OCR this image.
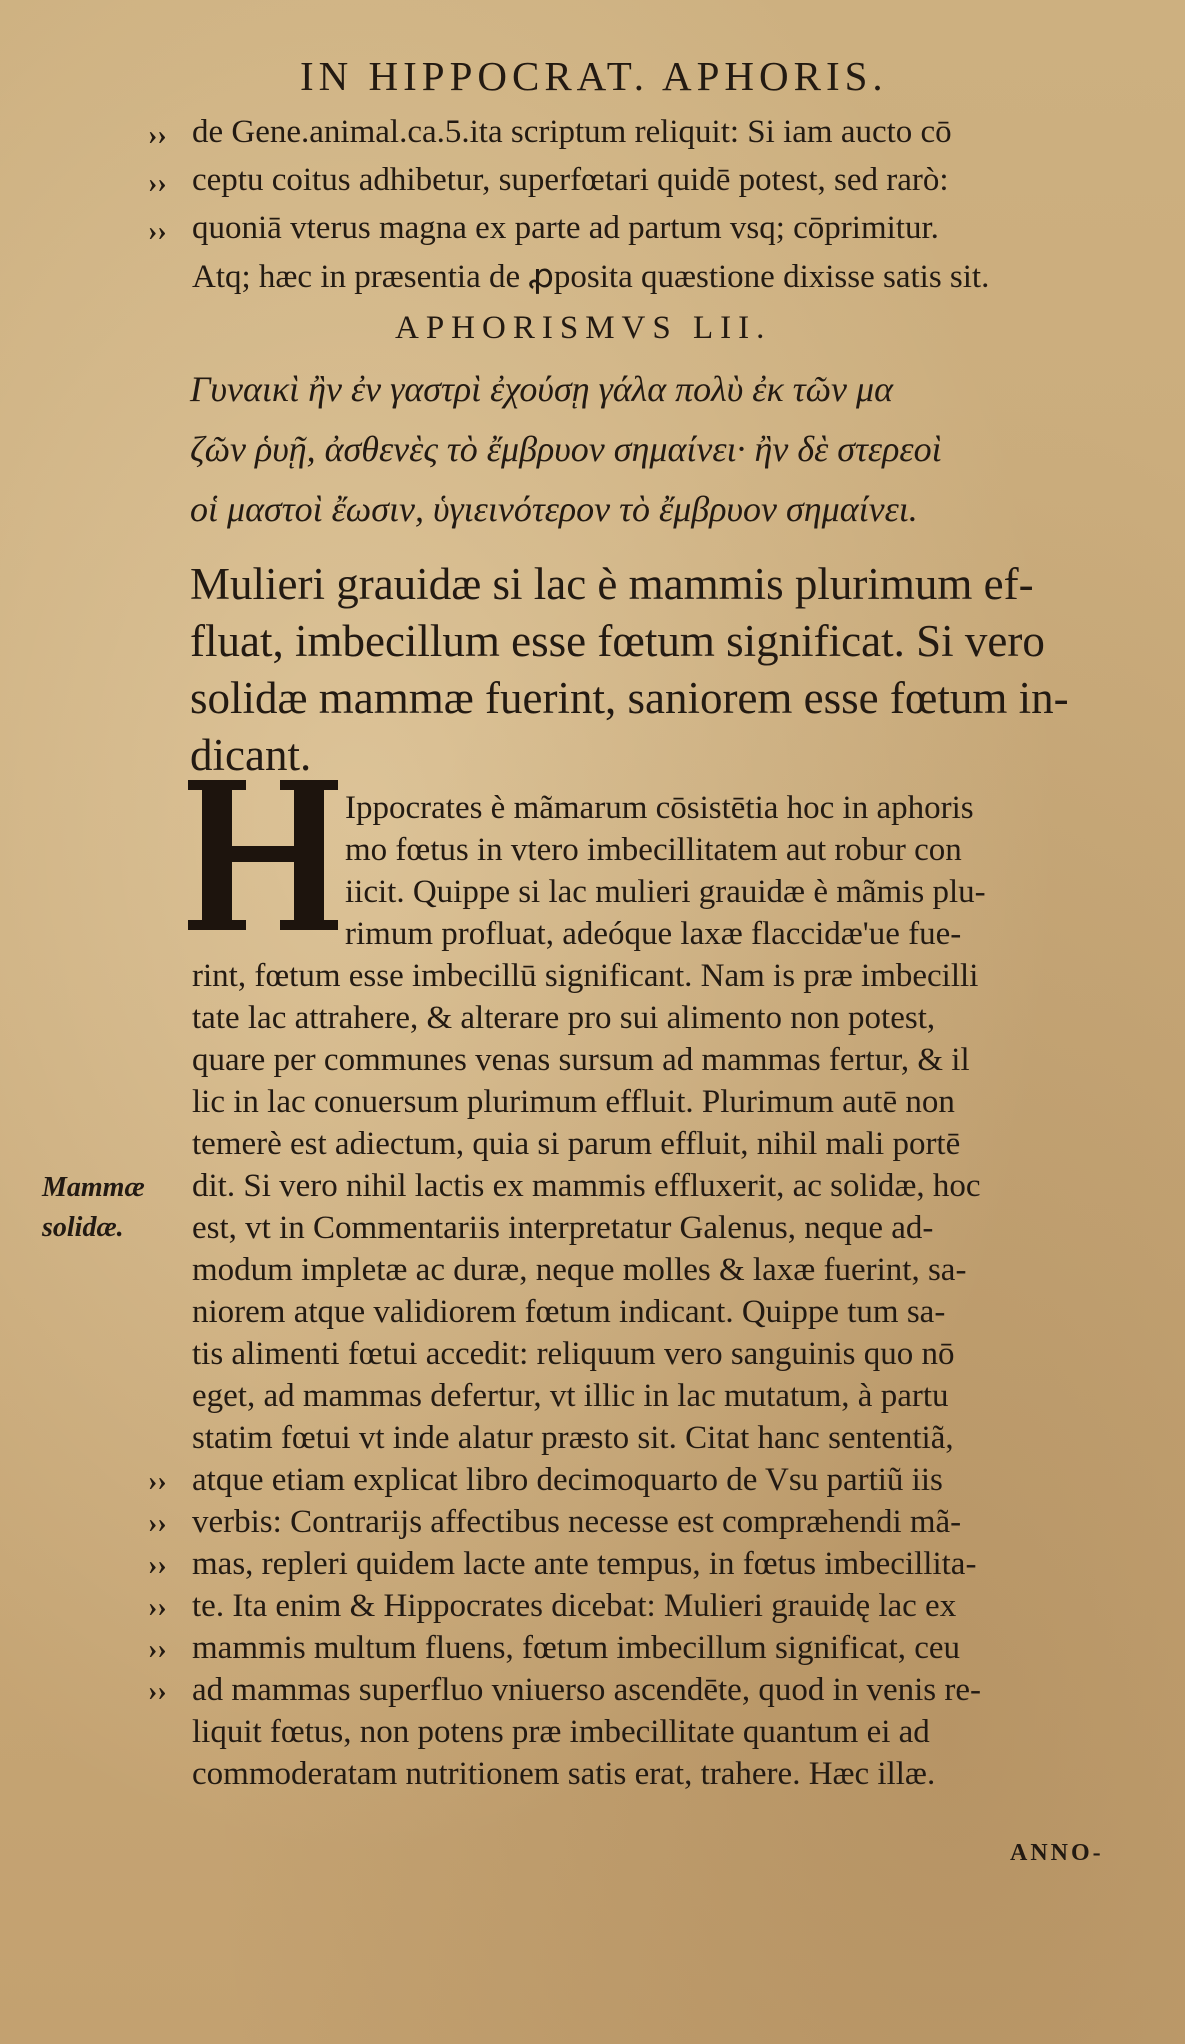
IN HIPPOCRAT. APHORIS.
›› de Gene.animal.ca.5.ita scriptum reliquit: Si iam aucto cō
›› ceptu coitus adhibetur, superfœtari quidē potest, sed rarò:
›› quoniā vterus magna ex parte ad partum vsq; cōprimitur.
Atq; hæc in præsentia de ꝓposita quæstione dixisse satis sit.
APHORISMVS LII.
Γυναικὶ ἢν ἐν γαστρὶ ἐχούσῃ γάλα πολὺ ἐκ τῶν μα
ζῶν ῥυῇ, ἀσθενὲς τὸ ἔμβρυον σημαίνει· ἢν δὲ στερεοὶ
οἱ μαστοὶ ἔωσιν, ὑγιεινότερον τὸ ἔμβρυον σημαίνει.
Mulieri grauidæ si lac è mammis plurimum ef-
fluat, imbecillum esse fœtum significat. Si vero
solidæ mammæ fuerint, saniorem esse fœtum in-
dicant.
Ippocrates è mãmarum cōsistētia hoc in aphoris
mo fœtus in vtero imbecillitatem aut robur con
iicit. Quippe si lac mulieri grauidæ è mãmis plu-
rimum profluat, adeóque laxæ flaccidæ'ue fue-
rint, fœtum esse imbecillū significant. Nam is præ imbecilli
tate lac attrahere, & alterare pro sui alimento non potest,
quare per communes venas sursum ad mammas fertur, & il
lic in lac conuersum plurimum effluit. Plurimum autē non
temerè est adiectum, quia si parum effluit, nihil mali portē
dit. Si vero nihil lactis ex mammis effluxerit, ac solidæ, hoc
est, vt in Commentariis interpretatur Galenus, neque ad-
modum impletæ ac duræ, neque molles & laxæ fuerint, sa-
niorem atque validiorem fœtum indicant. Quippe tum sa-
tis alimenti fœtui accedit: reliquum vero sanguinis quo nō
eget, ad mammas defertur, vt illic in lac mutatum, à partu
statim fœtui vt inde alatur præsto sit. Citat hanc sententiã,
›› atque etiam explicat libro decimoquarto de Vsu partiũ iis
›› verbis: Contrarijs affectibus necesse est compræhendi mã-
›› mas, repleri quidem lacte ante tempus, in fœtus imbecillita-
›› te. Ita enim & Hippocrates dicebat: Mulieri grauidę lac ex
›› mammis multum fluens, fœtum imbecillum significat, ceu
›› ad mammas superfluo vniuerso ascendēte, quod in venis re-
liquit fœtus, non potens præ imbecillitate quantum ei ad
commoderatam nutritionem satis erat, trahere. Hæc illæ.
Mammæ
solidæ.
ANNO-
